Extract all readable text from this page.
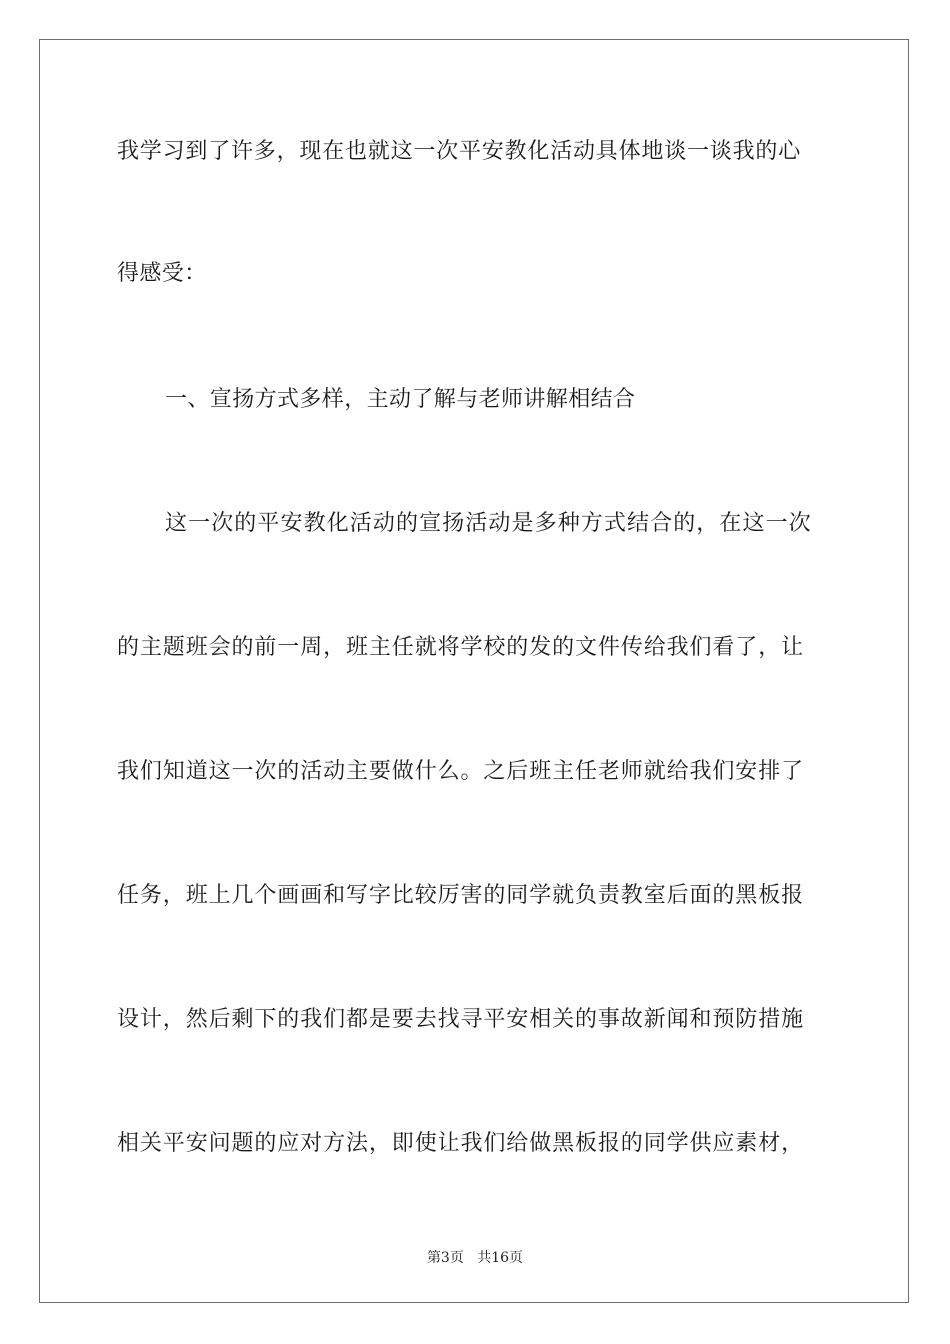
我学习到了许多，现在也就这一次平安教化活动具体地谈一谈我的心
得感受：
一、宣扬方式多样，主动了解与老师讲解相结合
这一次的平安教化活动的宣扬活动是多种方式结合的，在这一次
的主题班会的前一周，班主任就将学校的发的文件传给我们看了，让
我们知道这一次的活动主要做什么。之后班主任老师就给我们安排了
任务，班上几个画画和写字比较厉害的同学就负责教室后面的黑板报
设计，然后剩下的我们都是要去找寻平安相关的事故新闻和预防措施
相关平安问题的应对方法，即使让我们给做黑板报的同学供应素材，
第3页 共16页
